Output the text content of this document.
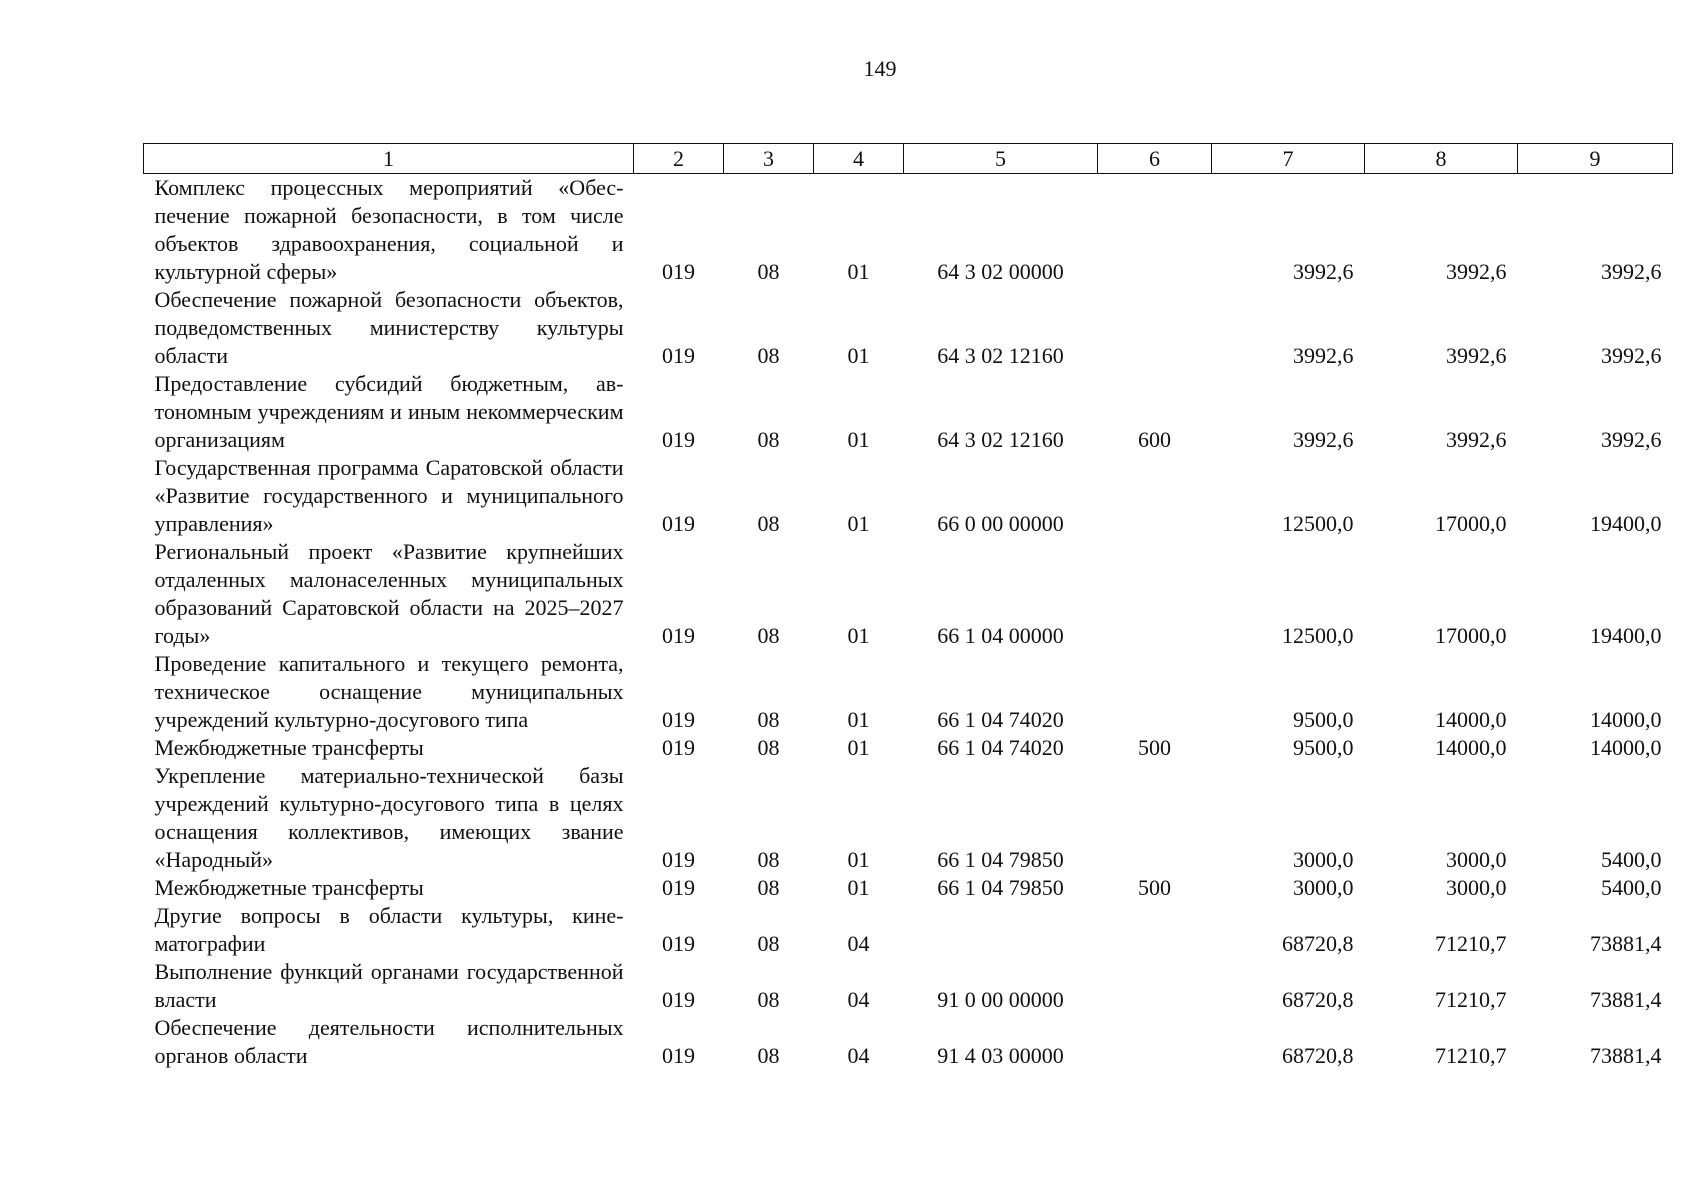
149
1	2	3	4	5	6	7	8	9
Комплекс процессных мероприятий «Обеспечение пожарной безопасности, в том числе объектов здравоохранения, социальной и культурной сферы»	019	08	01	64 3 02 00000		3992,6	3992,6	3992,6
Обеспечение пожарной безопасности объектов, подведомственных министерству культуры области	019	08	01	64 3 02 12160		3992,6	3992,6	3992,6
Предоставление субсидий бюджетным, автономным учреждениям и иным некоммерческим организациям	019	08	01	64 3 02 12160	600	3992,6	3992,6	3992,6
Государственная программа Саратовской области «Развитие государственного и муниципального управления»	019	08	01	66 0 00 00000		12500,0	17000,0	19400,0
Региональный проект «Развитие крупнейших отдаленных малонаселенных муниципальных образований Саратовской области на 2025–2027 годы»	019	08	01	66 1 04 00000		12500,0	17000,0	19400,0
Проведение капитального и текущего ремонта, техническое оснащение муниципальных учреждений культурно-досугового типа	019	08	01	66 1 04 74020		9500,0	14000,0	14000,0
Межбюджетные трансферты	019	08	01	66 1 04 74020	500	9500,0	14000,0	14000,0
Укрепление материально-технической базы учреждений культурно-досугового типа в целях оснащения коллективов, имеющих звание «Народный»	019	08	01	66 1 04 79850		3000,0	3000,0	5400,0
Межбюджетные трансферты	019	08	01	66 1 04 79850	500	3000,0	3000,0	5400,0
Другие вопросы в области культуры, кинематографии	019	08	04			68720,8	71210,7	73881,4
Выполнение функций органами государственной власти	019	08	04	91 0 00 00000		68720,8	71210,7	73881,4
Обеспечение деятельности исполнительных органов области	019	08	04	91 4 03 00000		68720,8	71210,7	73881,4
